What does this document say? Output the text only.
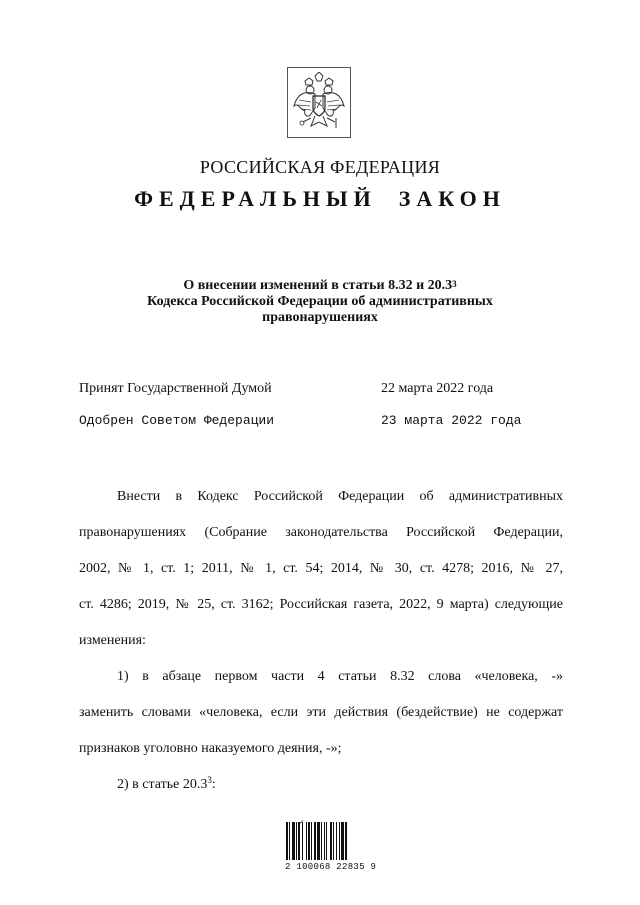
РОССИЙСКАЯ ФЕДЕРАЦИЯ
ФЕДЕРАЛЬНЫЙ ЗАКОН
О внесении изменений в статьи 8.32 и 20.3$^3$
Кодекса Российской Федерации об административных
правонарушениях
Принят Государственной Думой	22 марта 2022 года
Одобрен Советом Федерации	23 марта 2022 года
Внести в Кодекс Российской Федерации об административных
правонарушениях (Собрание законодательства Российской Федерации,
2002, № 1, ст. 1; 2011, № 1, ст. 54; 2014, № 30, ст. 4278; 2016, № 27,
ст. 4286; 2019, № 25, ст. 3162; Российская газета, 2022, 9 марта) следующие
изменения:
1) в абзаце первом части 4 статьи 8.32 слова «человека, -»
заменить словами «человека, если эти действия (бездействие) не содержат
признаков уголовно наказуемого деяния, -»;
2) в статье 20.3$^3$:
2 100068 22835 9
